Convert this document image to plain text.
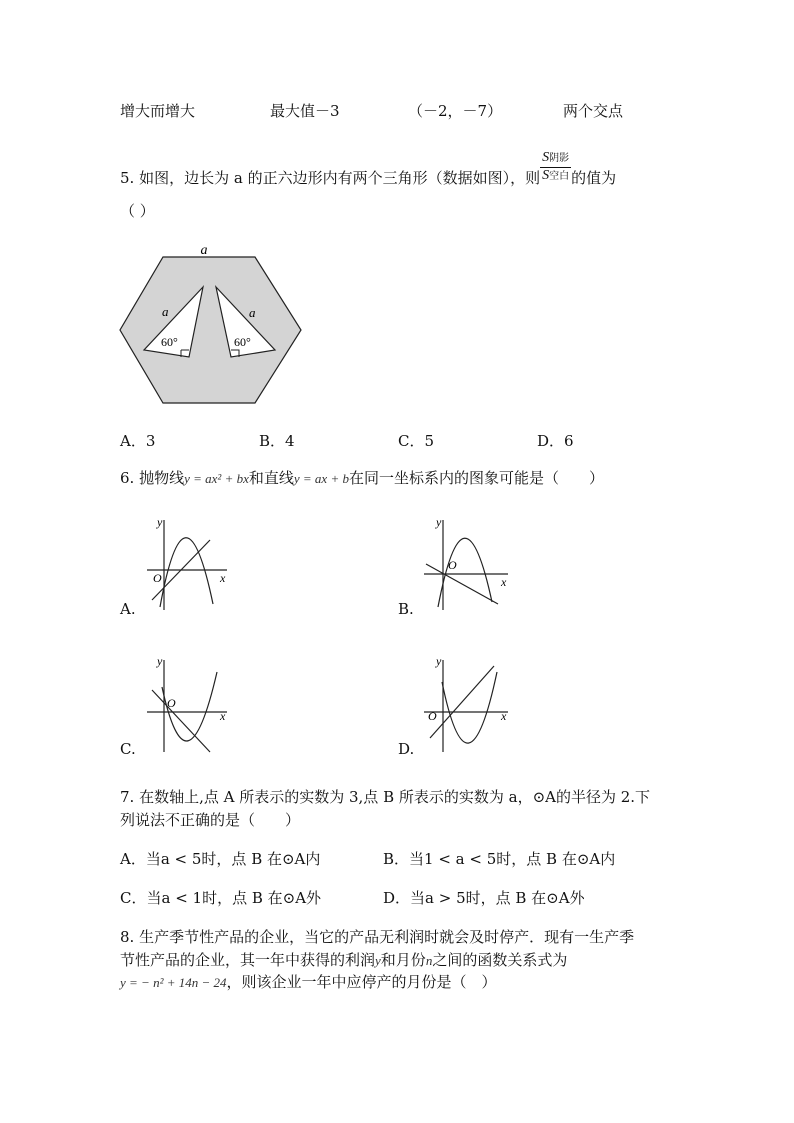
增大而增大	最大值－3	（－2，－7）	两个交点
5. 如图，边长为 a 的正六边形内有两个三角形（数据如图），则 $\frac{\text{S阴影}}{\text{S空白}}$ 的值为
（ ）
a
a
60°
a
60°
A．3	B．4	C．5	D．6
6. 抛物线y = ax² + bx和直线y = ax + b在同一坐标系内的图象可能是（　　）
y
x
O
A.
y
x
O
B.
y
x
O
C.
y
x
O
D.
7. 在数轴上,点 A 所表示的实数为 3,点 B 所表示的实数为 a，⊙A的半径为 2.下
列说法不正确的是（　　）
A．当a < 5时，点 B 在⊙A内	B．当1 < a < 5时，点 B 在⊙A内
C．当a < 1时，点 B 在⊙A外	D．当a > 5时，点 B 在⊙A外
8. 生产季节性产品的企业，当它的产品无利润时就会及时停产．现有一生产季
节性产品的企业，其一年中获得的利润y和月份n之间的函数关系式为
y = − n² + 14n − 24，则该企业一年中应停产的月份是（　）
